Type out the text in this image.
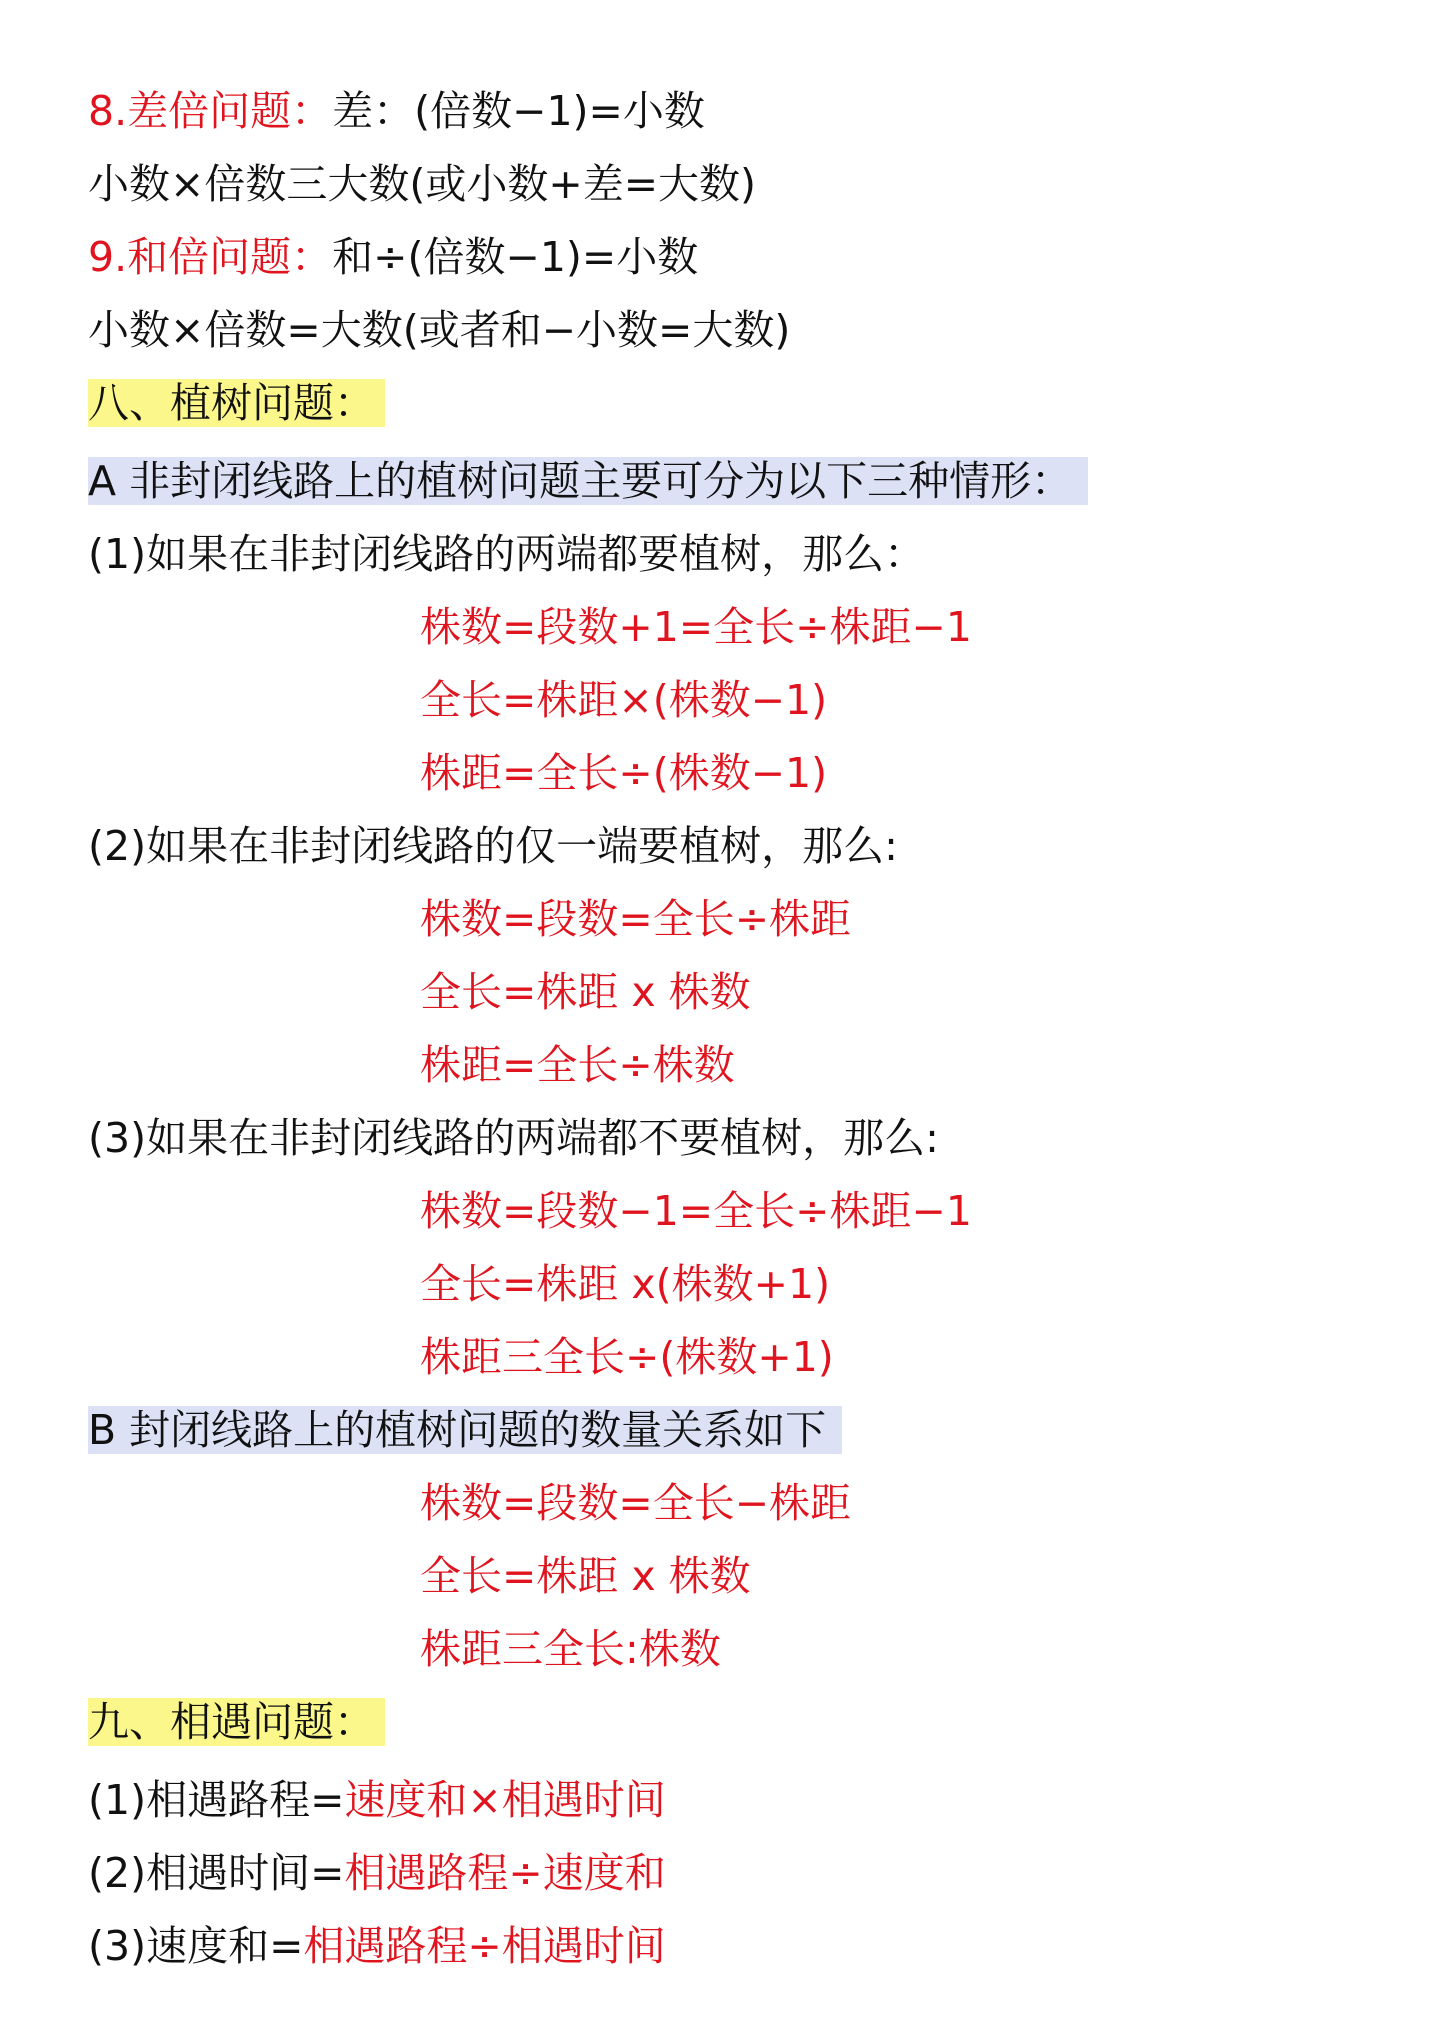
8.差倍问题：差：(倍数−1)=小数
小数×倍数三大数(或小数+差=大数)
9.和倍问题：和÷(倍数−1)=小数
小数×倍数=大数(或者和−小数=大数)
八、植树问题：
A 非封闭线路上的植树问题主要可分为以下三种情形：
(1)如果在非封闭线路的两端都要植树，那么：
株数=段数+1=全长÷株距−1
全长=株距×(株数−1)
株距=全长÷(株数−1)
(2)如果在非封闭线路的仅一端要植树，那么:
株数=段数=全长÷株距
全长=株距 x 株数
株距=全长÷株数
(3)如果在非封闭线路的两端都不要植树，那么:
株数=段数−1=全长÷株距−1
全长=株距 x(株数+1)
株距三全长÷(株数+1)
B 封闭线路上的植树问题的数量关系如下
株数=段数=全长−株距
全长=株距 x 株数
株距三全长:株数
九、相遇问题：
(1)相遇路程=速度和×相遇时间
(2)相遇时间=相遇路程÷速度和
(3)速度和=相遇路程÷相遇时间
